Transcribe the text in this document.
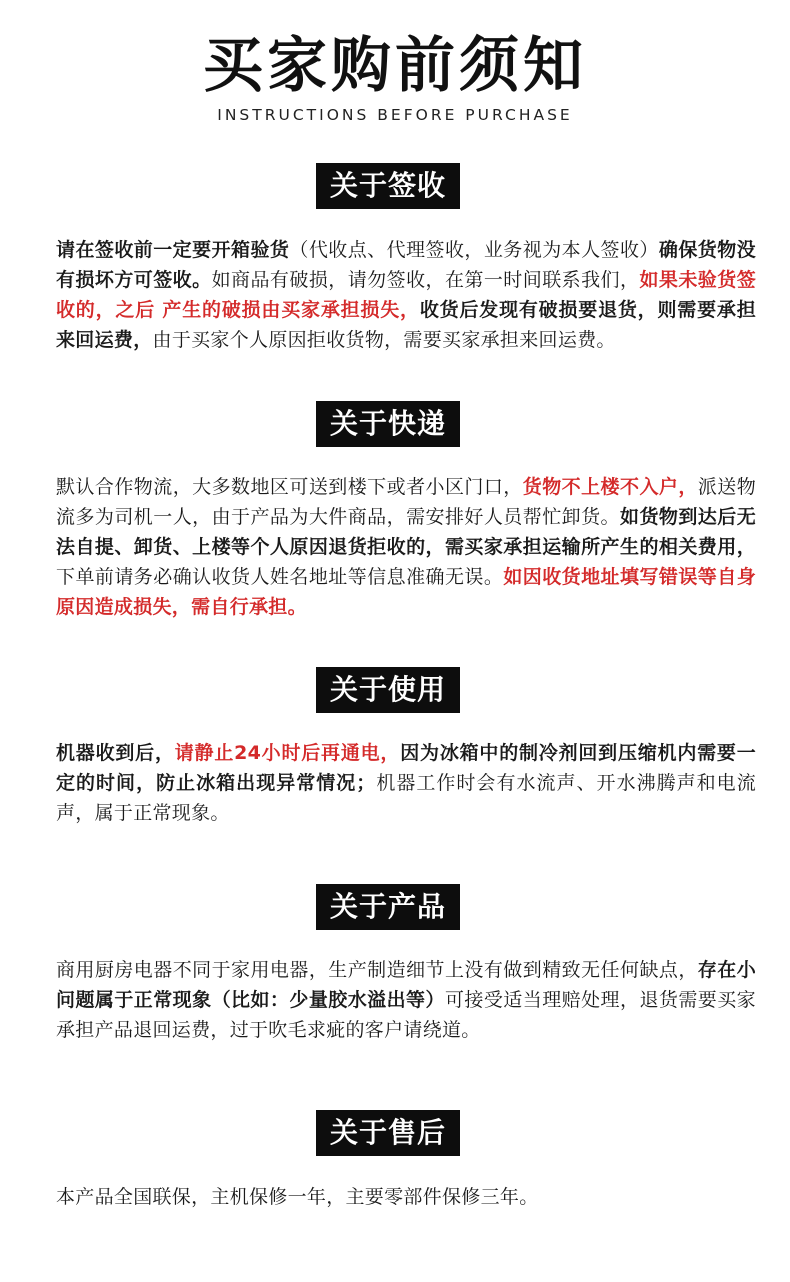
买家购前须知
INSTRUCTIONS BEFORE PURCHASE
关于签收
请在签收前一定要开箱验货（代收点、代理签收，业务视为本人签收）确保货物没有损坏方可签收。如商品有破损，请勿签收，在第一时间联系我们，如果未验货签收的，之后 产生的破损由买家承担损失，收货后发现有破损要退货，则需要承担来回运费，由于买家个人原因拒收货物，需要买家承担来回运费。
关于快递
默认合作物流，大多数地区可送到楼下或者小区门口，货物不上楼不入户，派送物流多为司机一人，由于产品为大件商品，需安排好人员帮忙卸货。如货物到达后无法自提、卸货、上楼等个人原因退货拒收的，需买家承担运输所产生的相关费用，下单前请务必确认收货人姓名地址等信息准确无误。如因收货地址填写错误等自身原因造成损失，需自行承担。
关于使用
机器收到后，请静止24小时后再通电，因为冰箱中的制冷剂回到压缩机内需要一定的时间，防止冰箱出现异常情况；机器工作时会有水流声、开水沸腾声和电流声，属于正常现象。
关于产品
商用厨房电器不同于家用电器，生产制造细节上没有做到精致无任何缺点，存在小问题属于正常现象（比如：少量胶水溢出等）可接受适当理赔处理，退货需要买家承担产品退回运费，过于吹毛求疵的客户请绕道。
关于售后
本产品全国联保，主机保修一年，主要零部件保修三年。
